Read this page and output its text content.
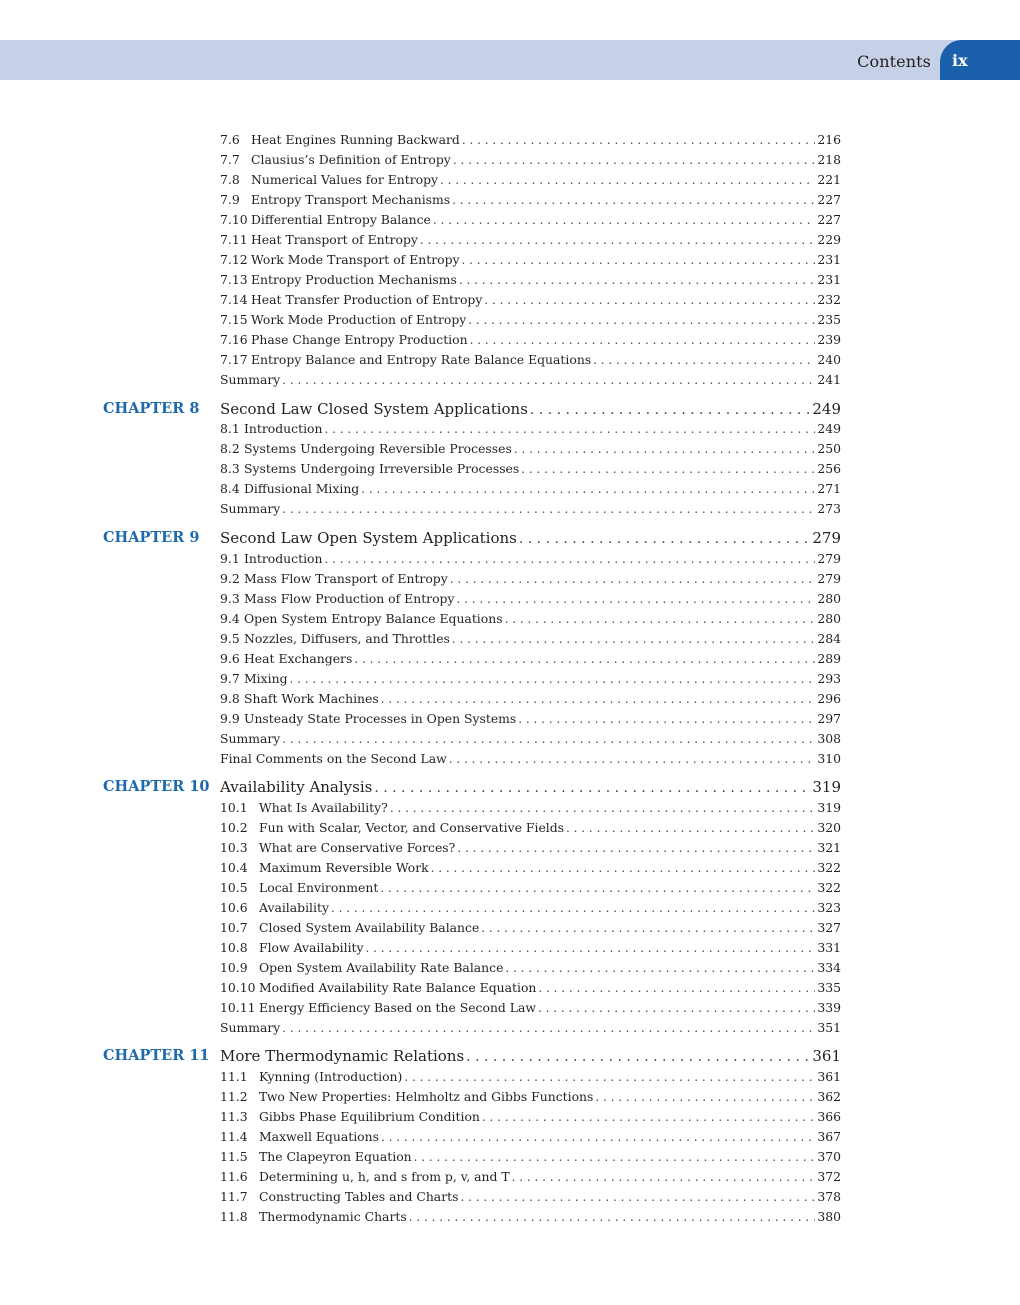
Contents ix
7.6 Heat Engines Running Backward . . .	216
7.7 Clausius’s Definition of Entropy . . .	218
7.8 Numerical Values for Entropy . . .	221
7.9 Entropy Transport Mechanisms . . .	227
7.10 Differential Entropy Balance . . .	227
7.11 Heat Transport of Entropy . . .	229
7.12 Work Mode Transport of Entropy . . .	231
7.13 Entropy Production Mechanisms . . .	231
7.14 Heat Transfer Production of Entropy . . .	232
7.15 Work Mode Production of Entropy . . .	235
7.16 Phase Change Entropy Production . . .	239
7.17 Entropy Balance and Entropy Rate Balance Equations . . .	240
Summary . . .	241
CHAPTER 8 Second Law Closed System Applications . . .	249
8.1 Introduction . . .	249
8.2 Systems Undergoing Reversible Processes . . .	250
8.3 Systems Undergoing Irreversible Processes . . .	256
8.4 Diffusional Mixing . . .	271
Summary . . .	273
CHAPTER 9 Second Law Open System Applications . . .	279
9.1 Introduction . . .	279
9.2 Mass Flow Transport of Entropy . . .	279
9.3 Mass Flow Production of Entropy . . .	280
9.4 Open System Entropy Balance Equations . . .	280
9.5 Nozzles, Diffusers, and Throttles . . .	284
9.6 Heat Exchangers . . .	289
9.7 Mixing . . .	293
9.8 Shaft Work Machines . . .	296
9.9 Unsteady State Processes in Open Systems . . .	297
Summary . . .	308
Final Comments on the Second Law . . .	310
CHAPTER 10 Availability Analysis . . .	319
10.1 What Is Availability? . . .	319
10.2 Fun with Scalar, Vector, and Conservative Fields . . .	320
10.3 What are Conservative Forces? . . .	321
10.4 Maximum Reversible Work . . .	322
10.5 Local Environment . . .	322
10.6 Availability . . .	323
10.7 Closed System Availability Balance . . .	327
10.8 Flow Availability . . .	331
10.9 Open System Availability Rate Balance . . .	334
10.10 Modified Availability Rate Balance Equation . . .	335
10.11 Energy Efficiency Based on the Second Law . . .	339
Summary . . .	351
CHAPTER 11 More Thermodynamic Relations . . .	361
11.1 Kynning (Introduction) . . .	361
11.2 Two New Properties: Helmholtz and Gibbs Functions . . .	362
11.3 Gibbs Phase Equilibrium Condition . . .	366
11.4 Maxwell Equations . . .	367
11.5 The Clapeyron Equation . . .	370
11.6 Determining u, h, and s from p, v, and T . . .	372
11.7 Constructing Tables and Charts . . .	378
11.8 Thermodynamic Charts . . .	380
